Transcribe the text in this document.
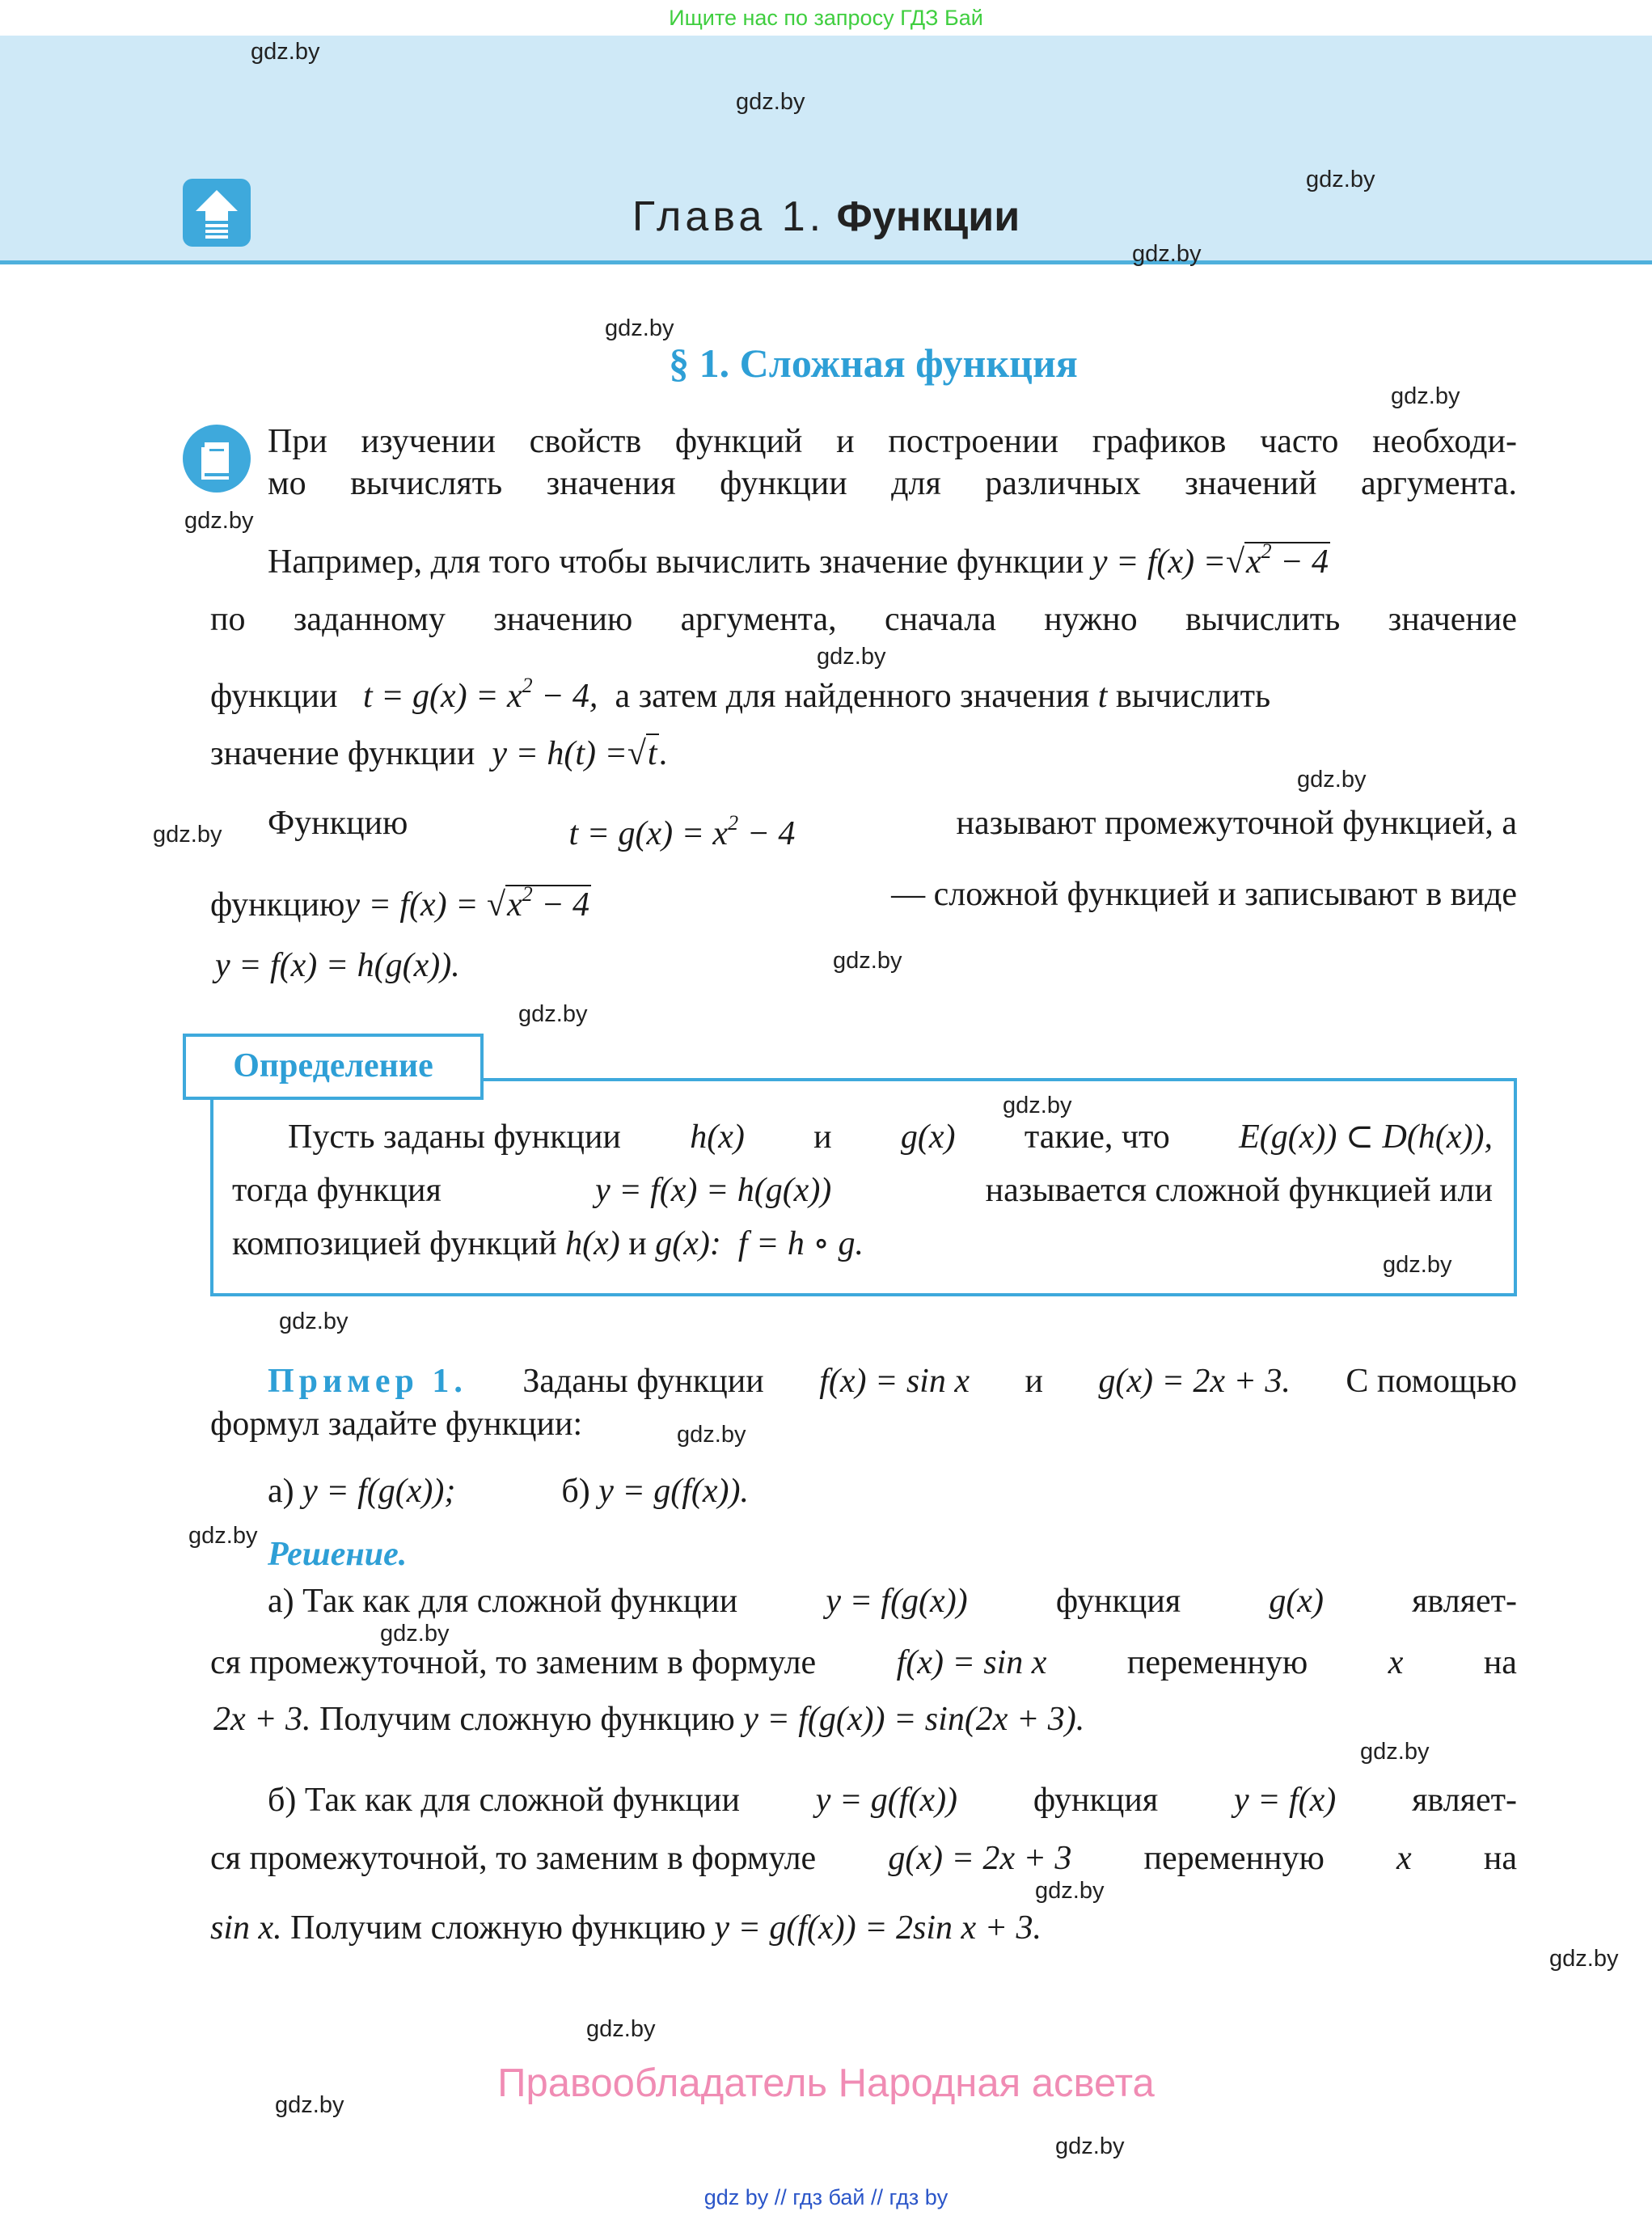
Ищите нас по запросу ГДЗ Бай
Глава 1. Функции
gdz.by
gdz.by
gdz.by
gdz.by
gdz.by
gdz.by
gdz.by
gdz.by
gdz.by
gdz.by
gdz.by
gdz.by
gdz.by
gdz.by
gdz.by
gdz.by
gdz.by
gdz.by
gdz.by
gdz.by
gdz.by
gdz.by
gdz.by
gdz.by
§ 1. Сложная функция
При изучении свойств функций и построении графиков часто необходи-
мо вычислять значения функции для различных значений аргумента.
Например, для того чтобы вычислить значение функции $y = f(x) =√x^2 - 4$
по заданному значению аргумента, сначала нужно вычислить значение
функции $t = g(x) = x^2 - 4$, а затем для найденного значения t вычислить
значение функции y = h(t) =√t.
Функцию	$t = g(x) = x^2 - 4$	называют промежуточной функцией, а
функциюy = $f(x) = √x^2 - 4$	— сложной функцией и записывают в виде
y = f(x) = h(g(x)).
Определение
Пусть заданы функции h(x) и g(x) такие, что E(g(x)) ⊂ D(h(x)),
тогда функция	y = f(x) = h(g(x))	называется сложной функцией или
композицией функций h(x) и g(x): f = h ∘ g.
Пример 1. Заданы функции f(x) = sin x и g(x) = 2x + 3. С помощью
формул задайте функции:
а) y = f(g(x));	б) y = g(f(x)).
Решение.
а) Так как для сложной функции	y = f(g(x))	функция	g(x)	являет-
ся промежуточной, то заменим в формуле f(x) = sin x переменную x на
2x + 3. Получим сложную функцию y = f(g(x)) = sin(2x + 3).
б) Так как для сложной функции y = g(f(x)) функция y = f(x) являет-
ся промежуточной, то заменим в формуле g(x) = 2x + 3 переменную x на
sin x. Получим сложную функцию y = g(f(x)) = 2sin x + 3.
Правообладатель Народная асвета
gdz by // гдз бай // гдз by
